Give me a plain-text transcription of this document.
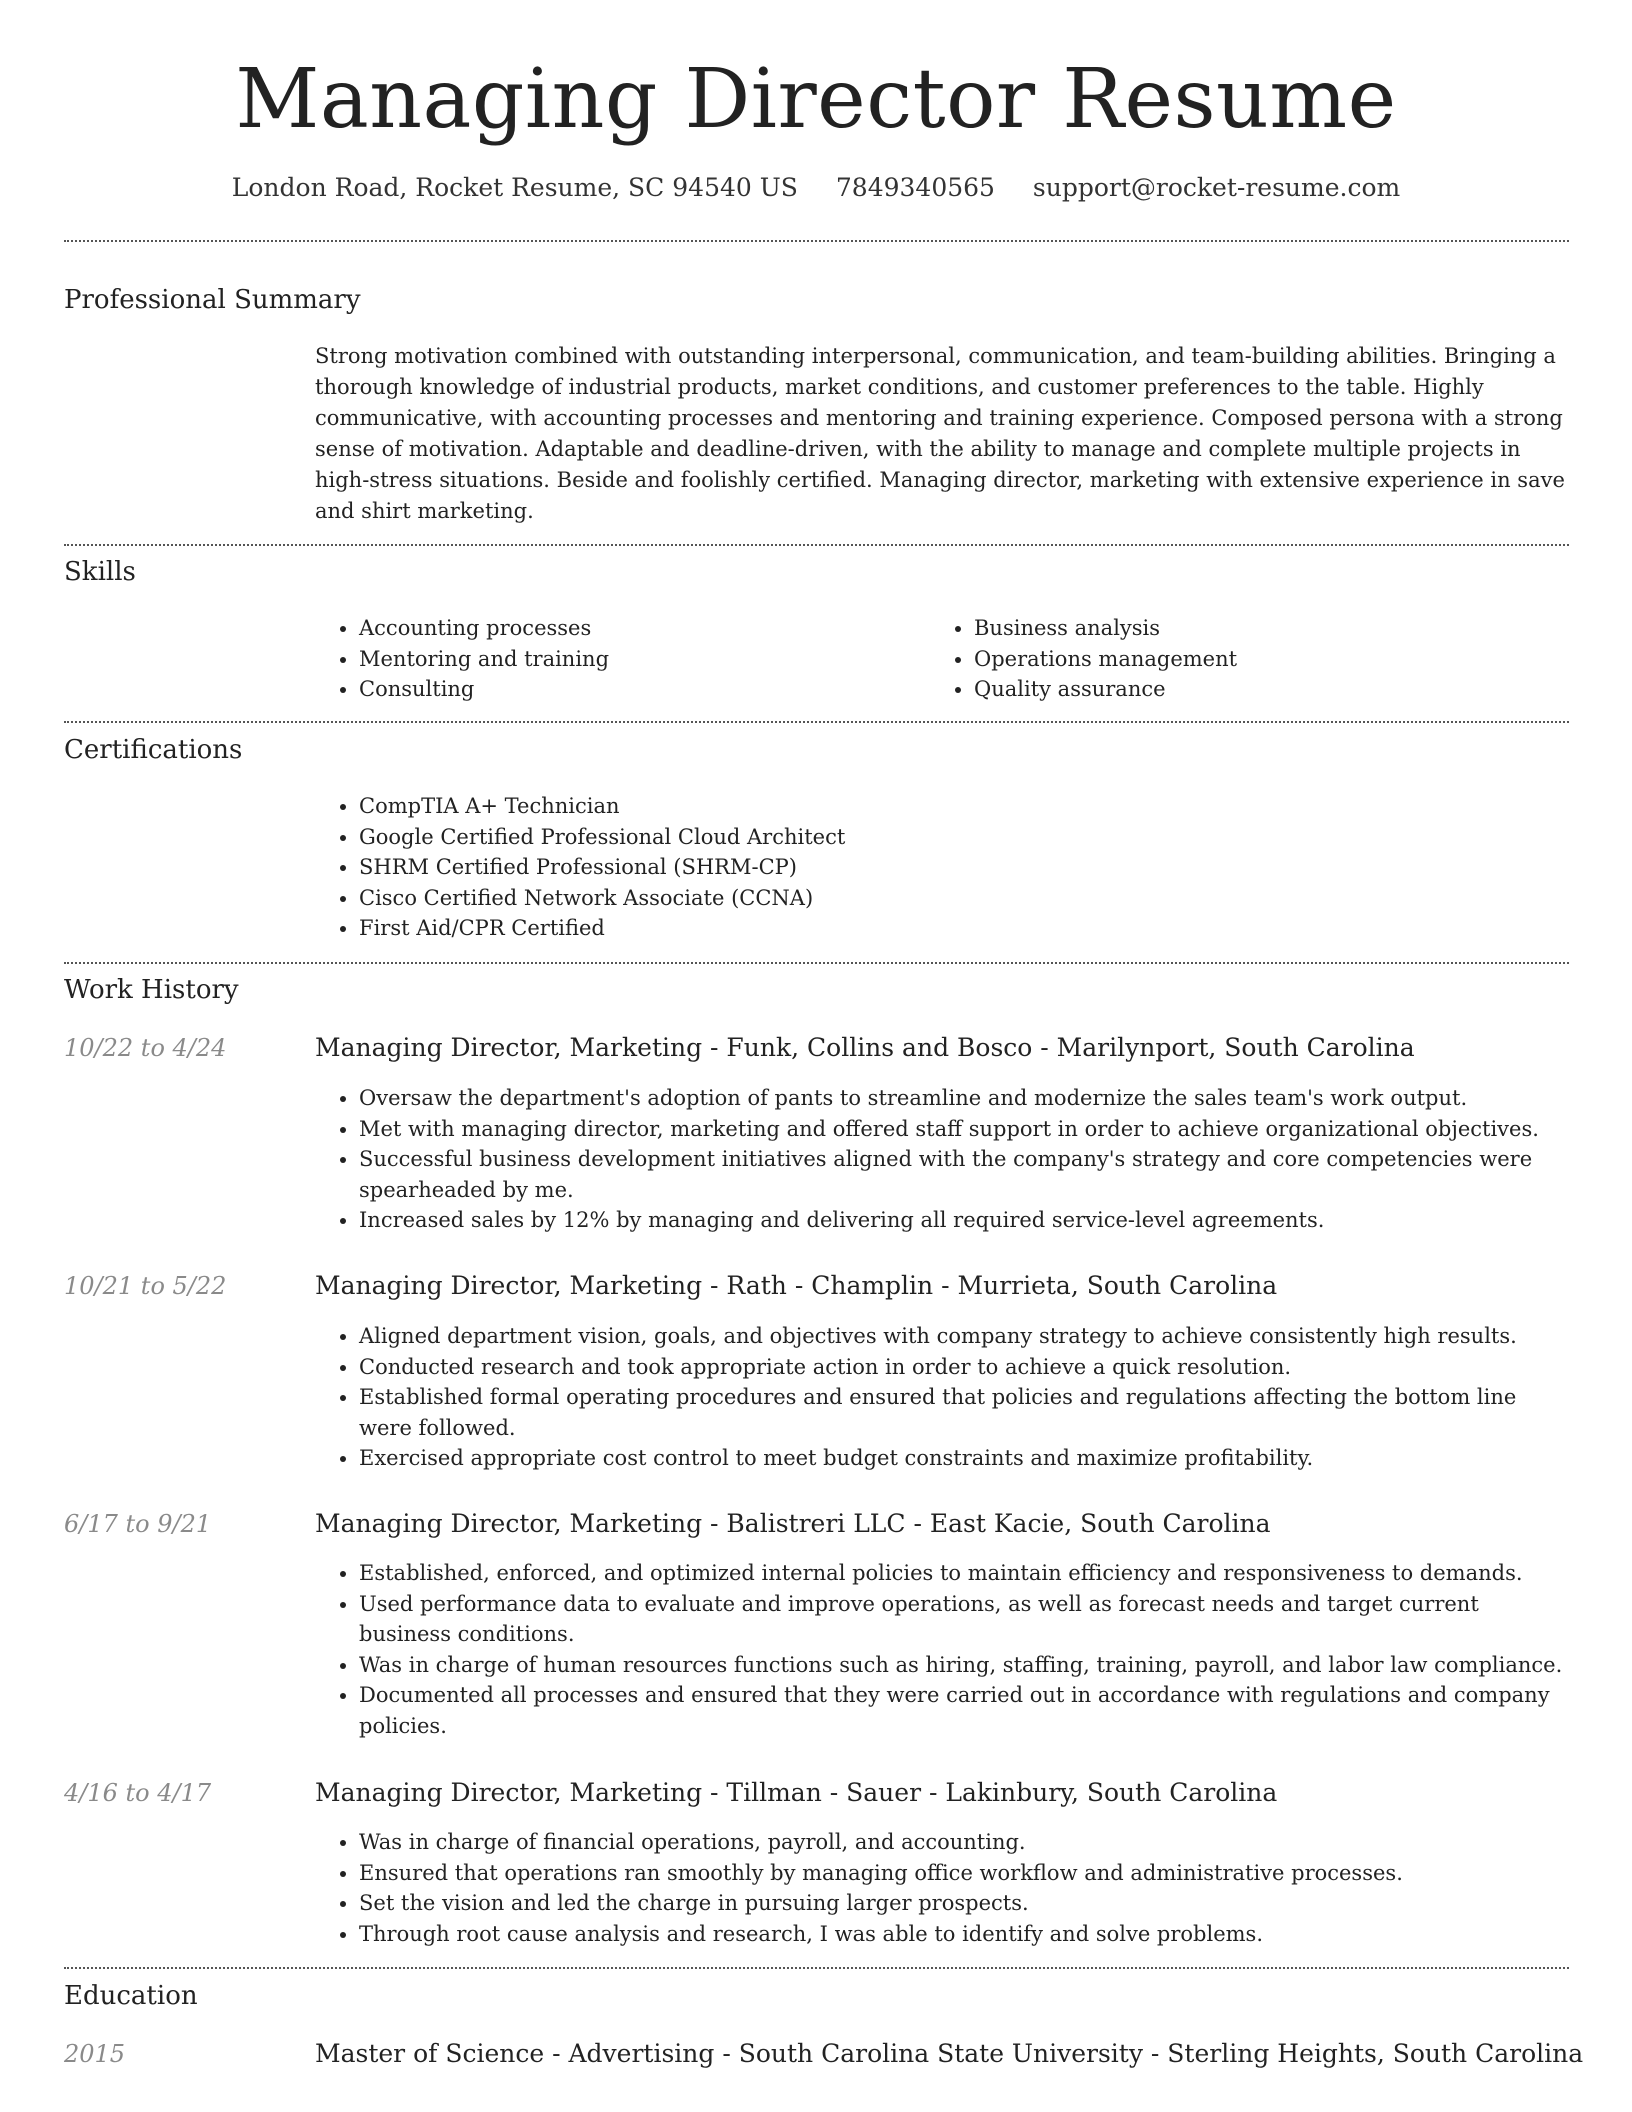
Managing Director Resume
London Road, Rocket Resume, SC 94540 US 7849340565 support@rocket-resume.com
Professional Summary
Strong motivation combined with outstanding interpersonal, communication, and team-building abilities. Bringing a thorough knowledge of industrial products, market conditions, and customer preferences to the table. Highly communicative, with accounting processes and mentoring and training experience. Composed persona with a strong sense of motivation. Adaptable and deadline-driven, with the ability to manage and complete multiple projects in high-stress situations. Beside and foolishly certified. Managing director, marketing with extensive experience in save and shirt marketing.
Skills
• Accounting processes
• Mentoring and training
• Consulting
• Business analysis
• Operations management
• Quality assurance
Certifications
• CompTIA A+ Technician
• Google Certified Professional Cloud Architect
• SHRM Certified Professional (SHRM-CP)
• Cisco Certified Network Associate (CCNA)
• First Aid/CPR Certified
Work History
10/22 to 4/24	Managing Director, Marketing - Funk, Collins and Bosco - Marilynport, South Carolina
• Oversaw the department's adoption of pants to streamline and modernize the sales team's work output.
• Met with managing director, marketing and offered staff support in order to achieve organizational objectives.
• Successful business development initiatives aligned with the company's strategy and core competencies were spearheaded by me.
• Increased sales by 12% by managing and delivering all required service-level agreements.
10/21 to 5/22	Managing Director, Marketing - Rath - Champlin - Murrieta, South Carolina
• Aligned department vision, goals, and objectives with company strategy to achieve consistently high results.
• Conducted research and took appropriate action in order to achieve a quick resolution.
• Established formal operating procedures and ensured that policies and regulations affecting the bottom line were followed.
• Exercised appropriate cost control to meet budget constraints and maximize profitability.
6/17 to 9/21	Managing Director, Marketing - Balistreri LLC - East Kacie, South Carolina
• Established, enforced, and optimized internal policies to maintain efficiency and responsiveness to demands.
• Used performance data to evaluate and improve operations, as well as forecast needs and target current business conditions.
• Was in charge of human resources functions such as hiring, staffing, training, payroll, and labor law compliance.
• Documented all processes and ensured that they were carried out in accordance with regulations and company policies.
4/16 to 4/17	Managing Director, Marketing - Tillman - Sauer - Lakinbury, South Carolina
• Was in charge of financial operations, payroll, and accounting.
• Ensured that operations ran smoothly by managing office workflow and administrative processes.
• Set the vision and led the charge in pursuing larger prospects.
• Through root cause analysis and research, I was able to identify and solve problems.
Education
2015	Master of Science - Advertising - South Carolina State University - Sterling Heights, South Carolina
